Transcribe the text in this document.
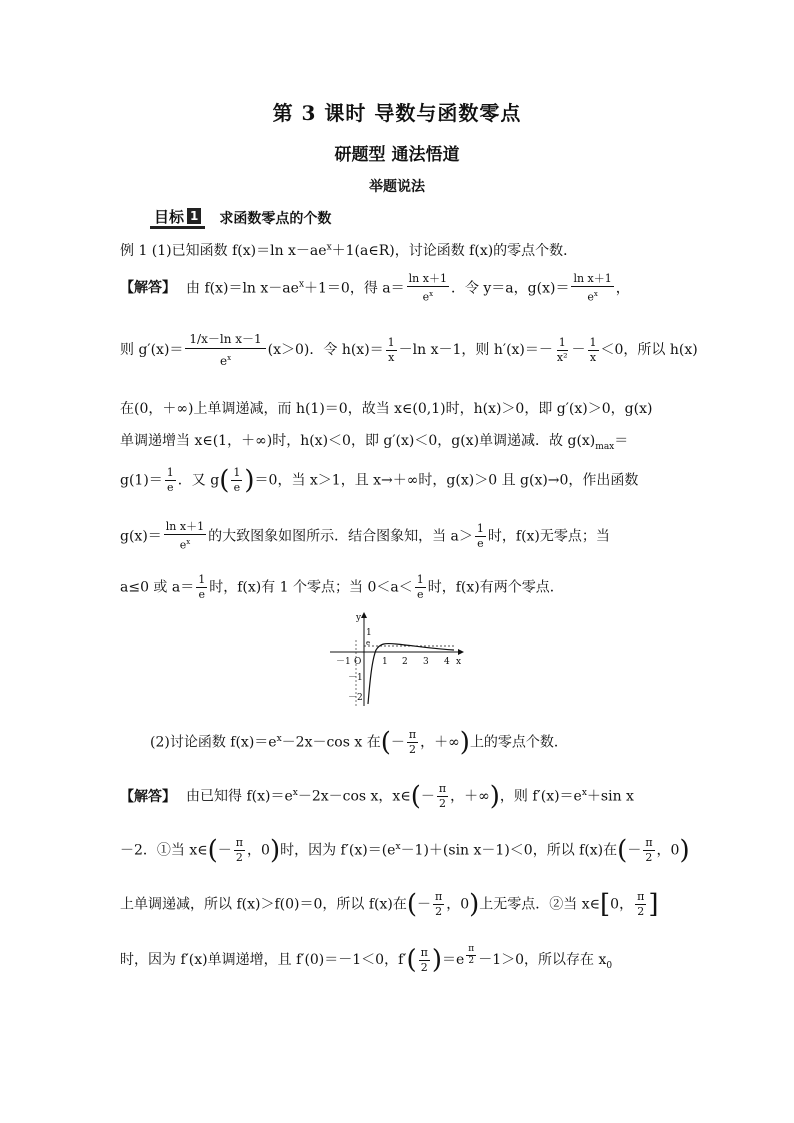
第 3 课时 导数与函数零点
研题型 通法悟道
举题说法
目标 1 求函数零点的个数
例 1 (1)已知函数 f(x)＝ln $x-ae^x+1(a\in R)$，讨论函数 f(x)的零点个数．
【解答】 由 f(x)＝ln $x-ae^x+1=0$，得 $a= \frac{\text{ln x＋1}}{e^x}$ ．令 y＝a，$g(x)= \frac{\text{ln x＋1}}{e^x}$ ，
则 $g'(x)= \frac{\text{1/x－ln x－1}}{e^x} (x>0)$．令 $h(x)= \frac{1}{x} -\ln$ x－1，则 $h'(x)=- \frac{1}{\text{x²}} - \frac{1}{x} <0$，所以 h(x)
在(0，＋∞)上单调递减，而 h(1)＝0，故当 x∈(0,1)时，h(x)＞0，即 g′(x)＞0，g(x)
单调递增当 x∈(1，＋∞)时，h(x)＜0，即 g′(x)＜0，g(x)单调递减．故 $g(x)_{max}=$
$g(1)= \frac{1}{e}$ ．又 $g( \frac{1}{e} )=0$，当 x＞1，且 x→＋∞时，g(x)＞0 且 g(x)→0，作出函数
$g(x)= \frac{\text{ln x＋1}}{e^x}$ 的大致图象如图所示．结合图象知，当 $a> \frac{1}{e}$ 时，f(x)无零点；当
a≤0 或 $a= \frac{1}{e}$ 时，f(x)有 1 个零点；当 $0<a< \frac{1}{e}$ 时，f(x)有两个零点．
y
x
O
－1	1 2 3 4
1
－1
－2
e
(2)讨论函数 $f(x)=e^x-2x-\cos$ x 在(－ $\frac{\pi}{2}$ ，＋∞)上的零点个数．
【解答】 由已知得 $f(x)=e^x-2x-\cos$ x，x∈(－ $\frac{\pi}{2}$ ，＋∞)，则 $f'(x)=e^x+\sin$ x
－2．①当 x∈(－ $\frac{\pi}{2}$ ，0)时，因为 $f'(x)=(e^x-1)+(\sin$ x－1)＜0，所以 f(x)在(－ $\frac{\pi}{2}$ ，0)
上单调递减，所以 f(x)＞f(0)＝0，所以 f(x)在(－ $\frac{\pi}{2}$ ，0)上无零点．②当 x∈[0， $\frac{\pi}{2}$ ]
时，因为 f′(x)单调递增，且 f′(0)＝－1＜0，$f'( \frac{\pi}{2} )=e$ $^{\frac{\pi}{2}}$ －1＞0，所以存在 $x_0$
